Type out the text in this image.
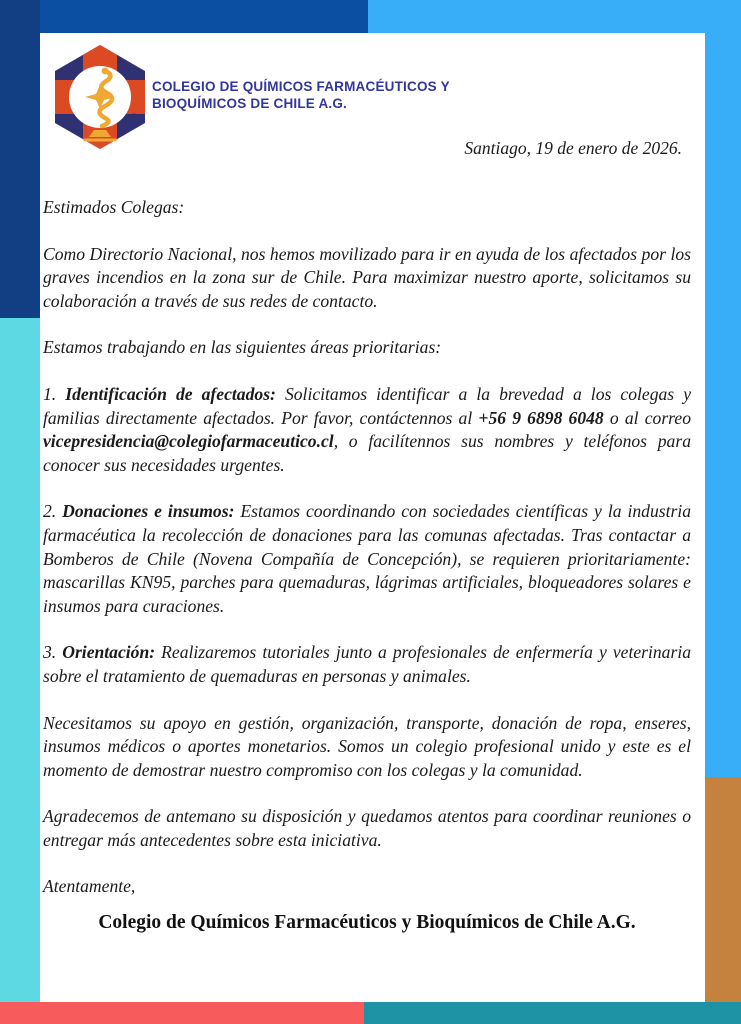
®
COLEGIO DE QUÍMICOS FARMACÉUTICOS Y
BIOQUÍMICOS DE CHILE A.G.
Santiago, 19 de enero de 2026.

Estimados Colegas:

Como Directorio Nacional, nos hemos movilizado para ir en ayuda de los afectados por los graves incendios en la zona sur de Chile. Para maximizar nuestro aporte, solicitamos su colaboración a través de sus redes de contacto.

Estamos trabajando en las siguientes áreas prioritarias:

1. Identificación de afectados: Solicitamos identificar a la brevedad a los colegas y familias directamente afectados. Por favor, contáctennos al +56 9 6898 6048 o al correo vicepresidencia@colegiofarmaceutico.cl, o facilítennos sus nombres y teléfonos para conocer sus necesidades urgentes.

2. Donaciones e insumos: Estamos coordinando con sociedades científicas y la industria farmacéutica la recolección de donaciones para las comunas afectadas. Tras contactar a Bomberos de Chile (Novena Compañía de Concepción), se requieren prioritariamente: mascarillas KN95, parches para quemaduras, lágrimas artificiales, bloqueadores solares e insumos para curaciones.

3. Orientación: Realizaremos tutoriales junto a profesionales de enfermería y veterinaria sobre el tratamiento de quemaduras en personas y animales.

Necesitamos su apoyo en gestión, organización, transporte, donación de ropa, enseres, insumos médicos o aportes monetarios. Somos un colegio profesional unido y este es el momento de demostrar nuestro compromiso con los colegas y la comunidad.

Agradecemos de antemano su disposición y quedamos atentos para coordinar reuniones o entregar más antecedentes sobre esta iniciativa.

Atentamente,

Colegio de Químicos Farmacéuticos y Bioquímicos de Chile A.G.
